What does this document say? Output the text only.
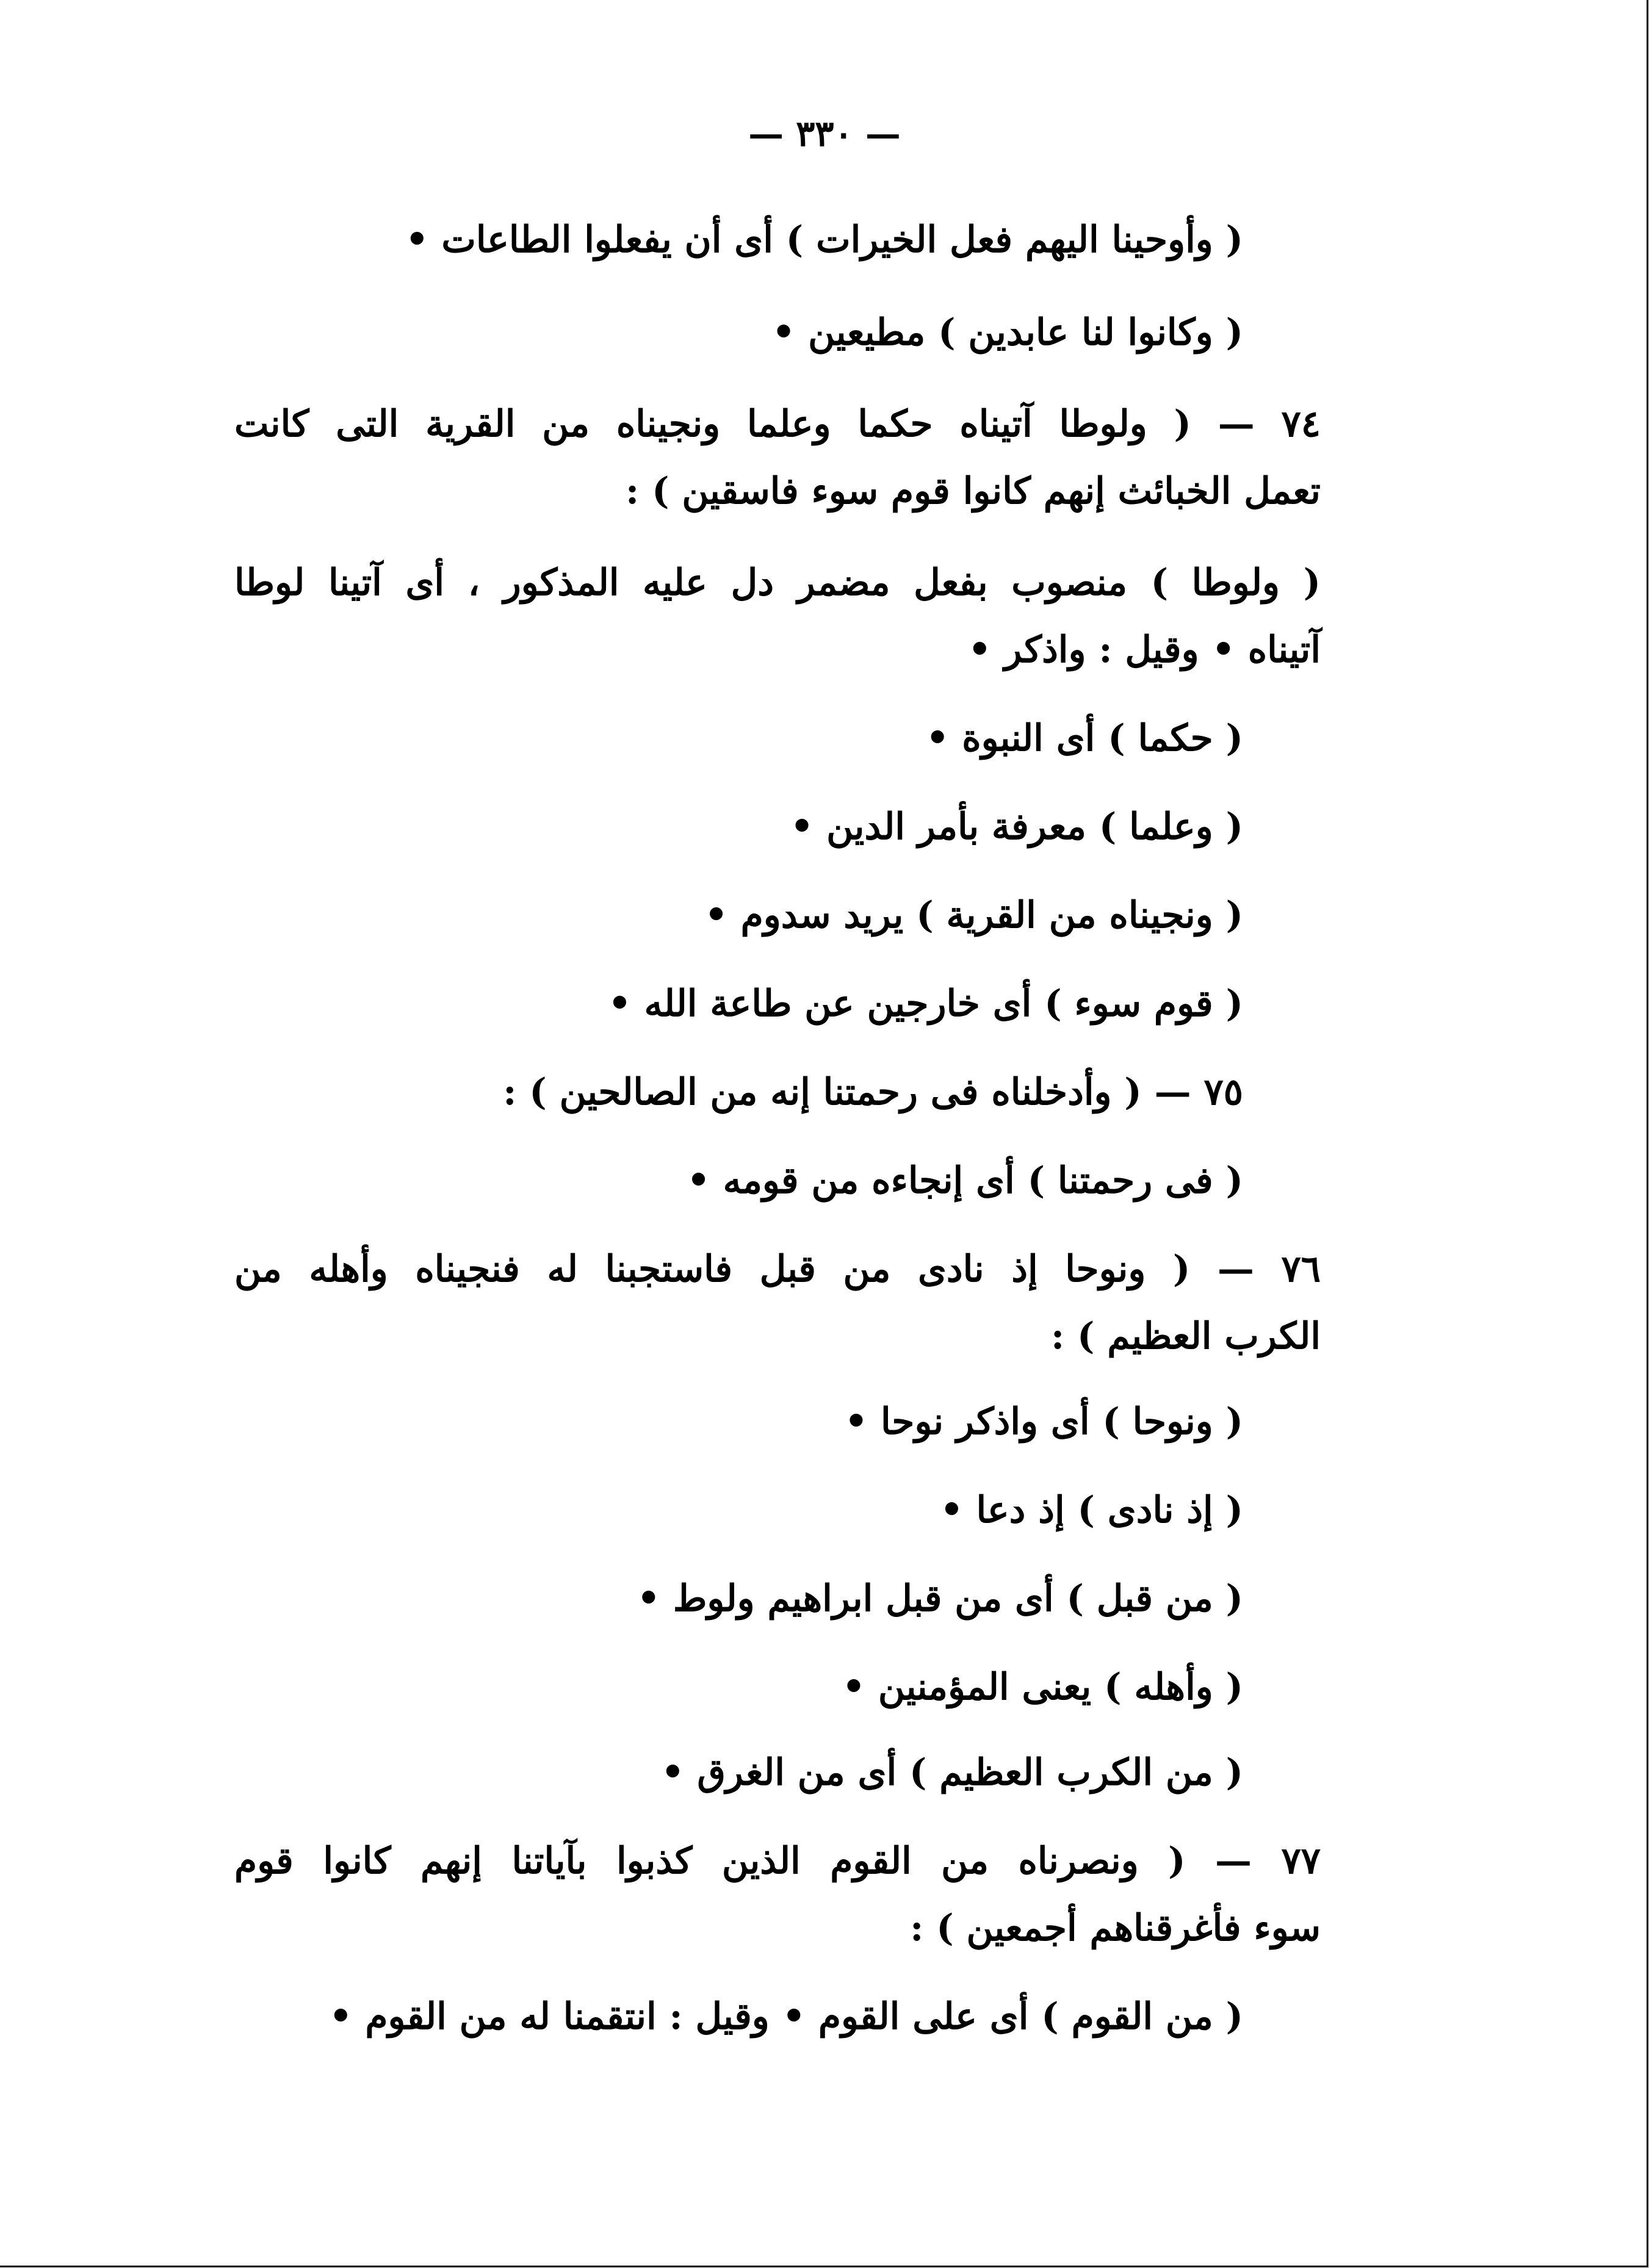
— ٣٣٠ —
( وأوحينا اليهم فعل الخيرات ) أى أن يفعلوا الطاعات •
( وكانوا لنا عابدين ) مطيعين •
٧٤ — ( ولوطا آتيناه حكما وعلما ونجيناه من القرية التى كانت
تعمل الخبائث إنهم كانوا قوم سوء فاسقين ) :
( ولوطا ) منصوب بفعل مضمر دل عليه المذكور ، أى آتينا لوطا
آتيناه • وقيل : واذكر •
( حكما ) أى النبوة •
( وعلما ) معرفة بأمر الدين •
( ونجيناه من القرية ) يريد سدوم •
( قوم سوء ) أى خارجين عن طاعة الله •
٧٥ — ( وأدخلناه فى رحمتنا إنه من الصالحين ) :
( فى رحمتنا ) أى إنجاءه من قومه •
٧٦ — ( ونوحا إذ نادى من قبل فاستجبنا له فنجيناه وأهله من
الكرب العظيم ) :
( ونوحا ) أى واذكر نوحا •
( إذ نادى ) إذ دعا •
( من قبل ) أى من قبل ابراهيم ولوط •
( وأهله ) يعنى المؤمنين •
( من الكرب العظيم ) أى من الغرق •
٧٧ — ( ونصرناه من القوم الذين كذبوا بآياتنا إنهم كانوا قوم
سوء فأغرقناهم أجمعين ) :
( من القوم ) أى على القوم • وقيل : انتقمنا له من القوم •
